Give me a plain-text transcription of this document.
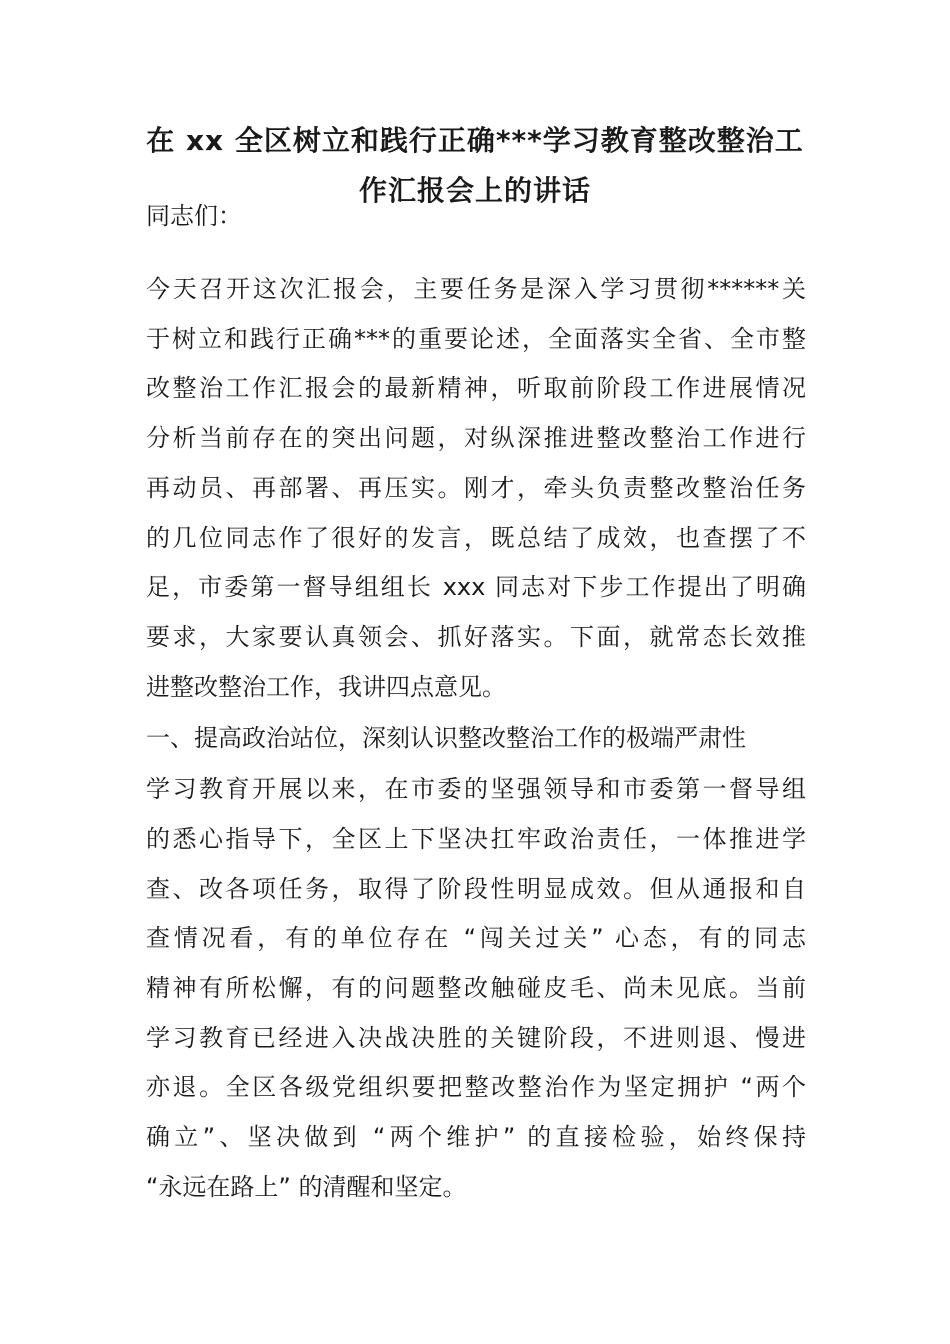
在 xx 全区树立和践行正确***学习教育整改整治工
作汇报会上的讲话

同志们：

今天召开这次汇报会，主要任务是深入学习贯彻******关

于树立和践行正确***的重要论述，全面落实全省、全市整

改整治工作汇报会的最新精神，听取前阶段工作进展情况

分析当前存在的突出问题，对纵深推进整改整治工作进行

再动员、再部署、再压实。刚才，牵头负责整改整治任务

的几位同志作了很好的发言，既总结了成效，也查摆了不

足，市委第一督导组组长 xxx 同志对下步工作提出了明确

要求，大家要认真领会、抓好落实。下面，就常态长效推

进整改整治工作，我讲四点意见。

一、提高政治站位，深刻认识整改整治工作的极端严肃性

学习教育开展以来，在市委的坚强领导和市委第一督导组

的悉心指导下，全区上下坚决扛牢政治责任，一体推进学

查、改各项任务，取得了阶段性明显成效。但从通报和自

查情况看，有的单位存在 “闯关过关” 心态，有的同志

精神有所松懈，有的问题整改触碰皮毛、尚未见底。当前

学习教育已经进入决战决胜的关键阶段，不进则退、慢进

亦退。全区各级党组织要把整改整治作为坚定拥护 “两个

确立”、坚决做到 “两个维护” 的直接检验，始终保持

“永远在路上” 的清醒和坚定。
